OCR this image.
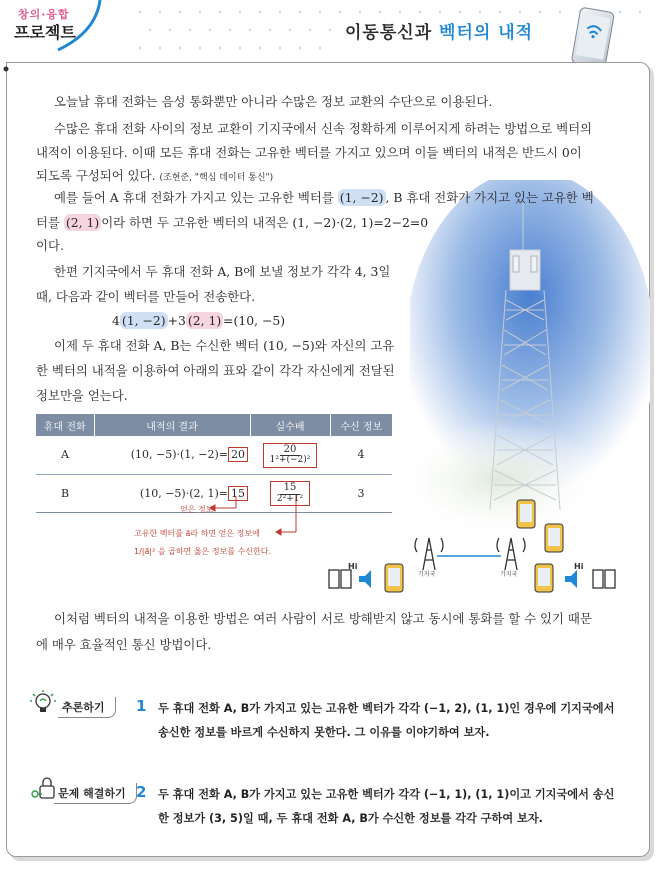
창의·융합
프로젝트	이동통신과 벡터의 내적
오늘날 휴대 전화는 음성 통화뿐만 아니라 수많은 정보 교환의 수단으로 이용된다.
수많은 휴대 전화 사이의 정보 교환이 기지국에서 신속 정확하게 이루어지게 하려는 방법으로 벡터의
내적이 이용된다. 이때 모든 휴대 전화는 고유한 벡터를 가지고 있으며 이들 벡터의 내적은 반드시 0이
되도록 구성되어 있다. (조현준, "핵심 데이터 통신")
예를 들어 A 휴대 전화가 가지고 있는 고유한 벡터를 (1, −2) , B 휴대 전화가 가지고 있는 고유한 벡
터를 (2, 1) 이라 하면 두 고유한 벡터의 내적은 (1, −2)·(2, 1)=2−2=0
이다.
한편 기지국에서 두 휴대 전화 A, B에 보낼 정보가 각각 4, 3일
때, 다음과 같이 벡터를 만들어 전송한다.
4 (1, −2) +3 (2, 1) =(10, −5)
이제 두 휴대 전화 A, B는 수신한 벡터 (10, −5)와 자신의 고유
한 벡터의 내적을 이용하여 아래의 표와 같이 각각 자신에게 전달된
정보만을 얻는다.
휴대 전화	내적의 결과	실수배	수신 정보
A	(10, −5)·(1, −2)= 20	$\frac{20}{\text{1²+(−2)²}}$	4
B	(10, −5)·(2, 1)= 15	$\frac{15}{\text{2²+1²}}$	3
얻은 정보
고유한 벡터를 a⃗라 하면 얻은 정보에
1/|a⃗|² 을 곱하면 옳은 정보를 수신한다.
기지국	기지국
Hi	Hi
이처럼 벡터의 내적을 이용한 방법은 여러 사람이 서로 방해받지 않고 동시에 통화를 할 수 있기 때문
에 매우 효율적인 통신 방법이다.
추론하기	1 두 휴대 전화 A, B가 가지고 있는 고유한 벡터가 각각 (−1, 2), (1, 1)인 경우에 기지국에서
송신한 정보를 바르게 수신하지 못한다. 그 이유를 이야기하여 보자.
문제 해결하기 2 두 휴대 전화 A, B가 가지고 있는 고유한 벡터가 각각 (−1, 1), (1, 1)이고 기지국에서 송신
한 정보가 (3, 5)일 때, 두 휴대 전화 A, B가 수신한 정보를 각각 구하여 보자.
